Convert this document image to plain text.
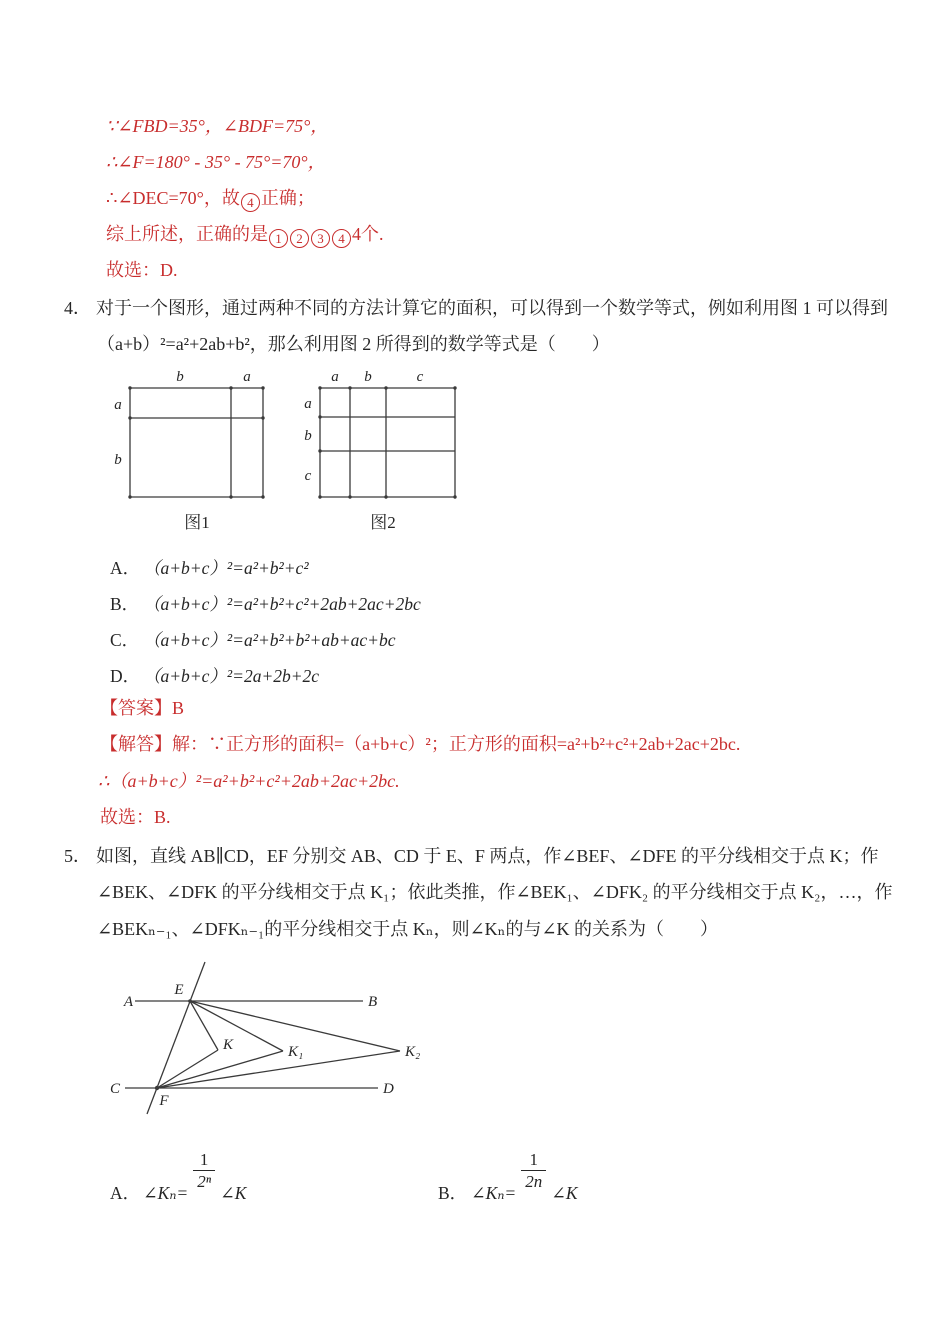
∵∠FBD=35°，∠BDF=75°，
∴∠F=180° - 35° - 75°=70°，
∴∠DEC=70°，故 4 正确；
综上所述，正确的是 1 2 3 4 4个.
故选：D.
4． 对于一个图形，通过两种不同的方法计算它的面积，可以得到一个数学等式，例如利用图 1 可以得到
（a+b）²=a²+2ab+b²，那么利用图 2 所得到的数学等式是（　　）
b	a
a
b
图1
a b	c
a
b
c
图2
A． （a+b+c）²=a²+b²+c²
B． （a+b+c）²=a²+b²+c²+2ab+2ac+2bc
C． （a+b+c）²=a²+b²+b²+ab+ac+bc
D． （a+b+c）²=2a+2b+2c
【答案】B
【解答】解：∵正方形的面积=（a+b+c）²；正方形的面积=a²+b²+c²+2ab+2ac+2bc.
∴（a+b+c）²=a²+b²+c²+2ab+2ac+2bc.
故选：B.
5． 如图，直线 AB∥CD，EF 分别交 AB、CD 于 E、F 两点，作∠BEF、∠DFE 的平分线相交于点 K；作
∠BEK、∠DFK 的平分线相交于点 K₁；依此类推，作∠BEK₁、∠DFK₂ 的平分线相交于点 K₂，…，作
∠BEKₙ₋₁、∠DFKₙ₋₁的平分线相交于点 Kₙ，则∠Kₙ的与∠K 的关系为（　　）
A	B
C	D
E
F
K	K₁	K₂
A． ∠Kₙ=
$\frac{1}{\text{2ⁿ}}$
∠K	B． ∠Kₙ=
$\frac{1}{2n}$
∠K
